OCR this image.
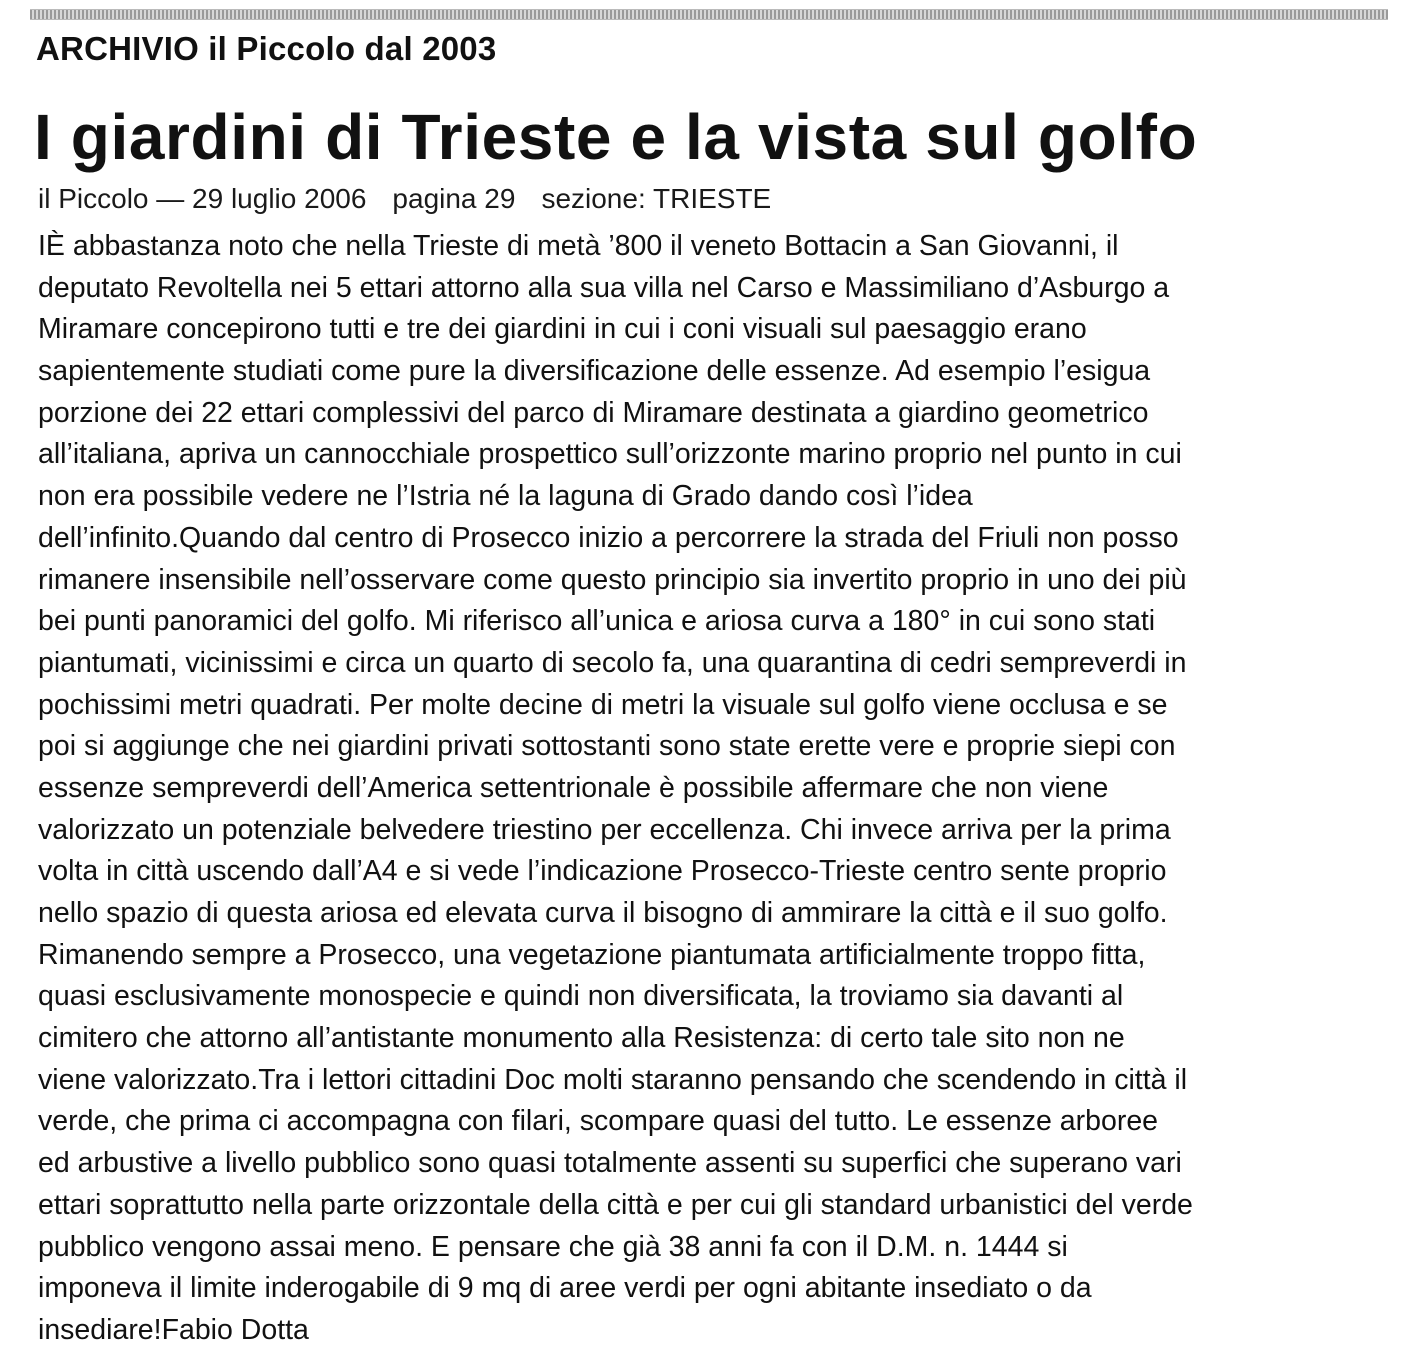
ARCHIVIO il Piccolo dal 2003
I giardini di Trieste e la vista sul golfo
il Piccolo — 29 luglio 2006 pagina 29 sezione: TRIESTE
IÈ abbastanza noto che nella Trieste di metà ’800 il veneto Bottacin a San Giovanni, il
deputato Revoltella nei 5 ettari attorno alla sua villa nel Carso e Massimiliano d’Asburgo a
Miramare concepirono tutti e tre dei giardini in cui i coni visuali sul paesaggio erano
sapientemente studiati come pure la diversificazione delle essenze. Ad esempio l’esigua
porzione dei 22 ettari complessivi del parco di Miramare destinata a giardino geometrico
all’italiana, apriva un cannocchiale prospettico sull’orizzonte marino proprio nel punto in cui
non era possibile vedere ne l’Istria né la laguna di Grado dando così l’idea
dell’infinito.Quando dal centro di Prosecco inizio a percorrere la strada del Friuli non posso
rimanere insensibile nell’osservare come questo principio sia invertito proprio in uno dei più
bei punti panoramici del golfo. Mi riferisco all’unica e ariosa curva a 180° in cui sono stati
piantumati, vicinissimi e circa un quarto di secolo fa, una quarantina di cedri sempreverdi in
pochissimi metri quadrati. Per molte decine di metri la visuale sul golfo viene occlusa e se
poi si aggiunge che nei giardini privati sottostanti sono state erette vere e proprie siepi con
essenze sempreverdi dell’America settentrionale è possibile affermare che non viene
valorizzato un potenziale belvedere triestino per eccellenza. Chi invece arriva per la prima
volta in città uscendo dall’A4 e si vede l’indicazione Prosecco-Trieste centro sente proprio
nello spazio di questa ariosa ed elevata curva il bisogno di ammirare la città e il suo golfo.
Rimanendo sempre a Prosecco, una vegetazione piantumata artificialmente troppo fitta,
quasi esclusivamente monospecie e quindi non diversificata, la troviamo sia davanti al
cimitero che attorno all’antistante monumento alla Resistenza: di certo tale sito non ne
viene valorizzato.Tra i lettori cittadini Doc molti staranno pensando che scendendo in città il
verde, che prima ci accompagna con filari, scompare quasi del tutto. Le essenze arboree
ed arbustive a livello pubblico sono quasi totalmente assenti su superfici che superano vari
ettari soprattutto nella parte orizzontale della città e per cui gli standard urbanistici del verde
pubblico vengono assai meno. E pensare che già 38 anni fa con il D.M. n. 1444 si
imponeva il limite inderogabile di 9 mq di aree verdi per ogni abitante insediato o da
insediare!Fabio Dotta
